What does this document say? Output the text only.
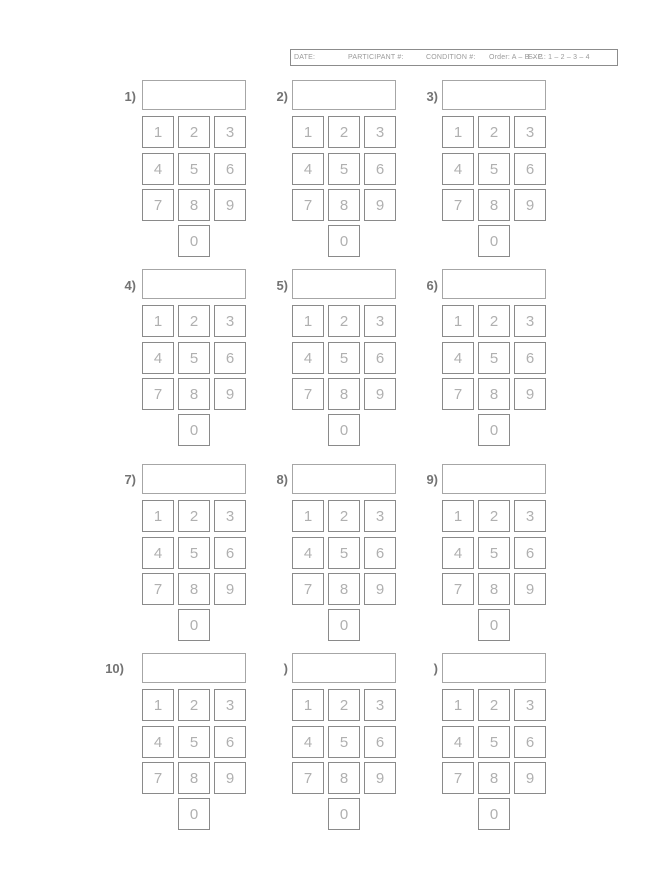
DATE:	PARTICIPANT #:	CONDITION #: Order: A – B – C
EXP.: 1 – 2 – 3 – 4
1)
1	2	3
4	5	6
7	8	9
0
2)
1	2	3
4	5	6
7	8	9
0
3)
1	2	3
4	5	6
7	8	9
0
4)
1	2	3
4	5	6
7	8	9
0
5)
1	2	3
4	5	6
7	8	9
0
6)
1	2	3
4	5	6
7	8	9
0
7)
1	2	3
4	5	6
7	8	9
0
8)
1	2	3
4	5	6
7	8	9
0
9)
1	2	3
4	5	6
7	8	9
0
10)
1	2	3
4	5	6
7	8	9
0
)
1	2	3
4	5	6
7	8	9
0
)
1	2	3
4	5	6
7	8	9
0
